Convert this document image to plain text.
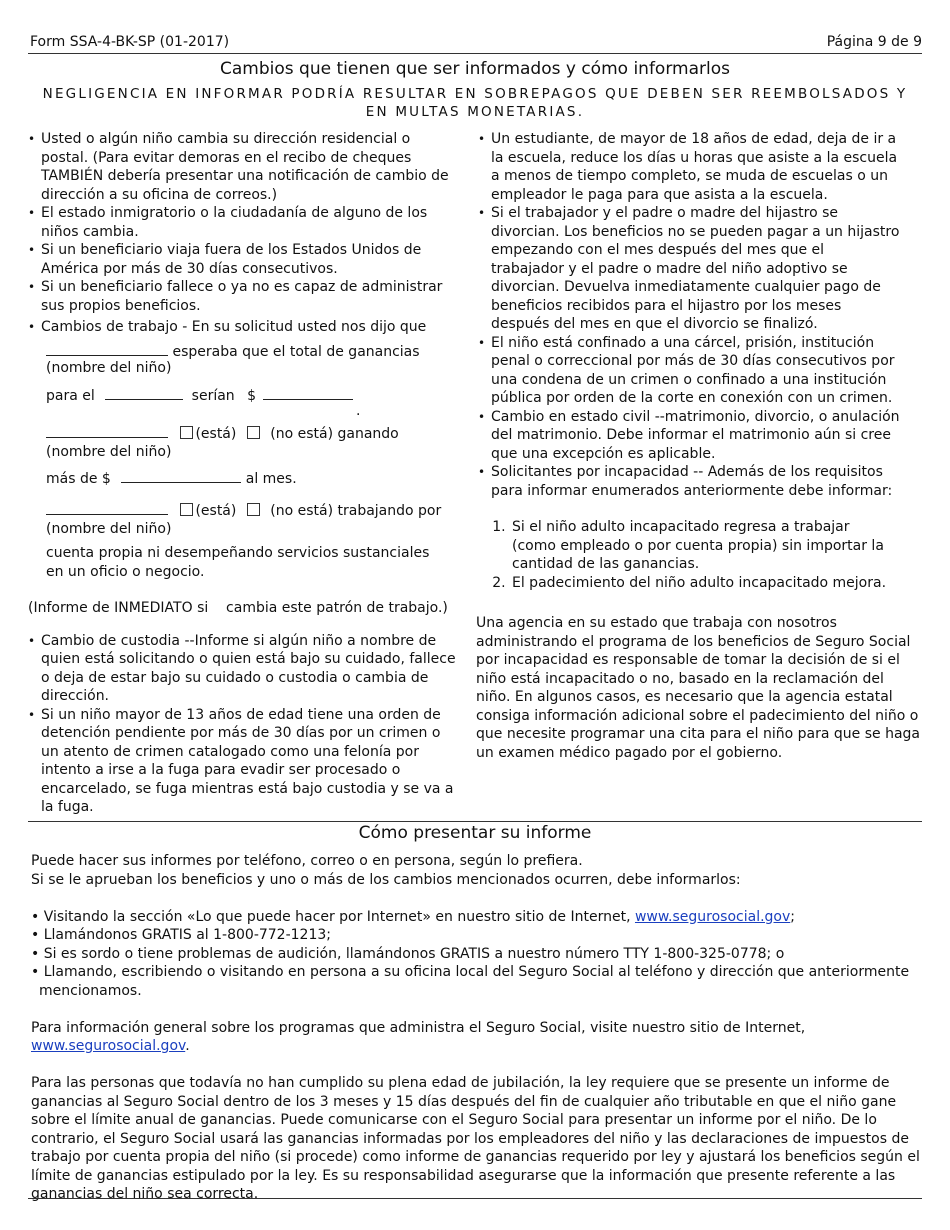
Form SSA-4-BK-SP (01-2017)	Página 9 de 9
Cambios que tienen que ser informados y cómo informarlos
NEGLIGENCIA EN INFORMAR PODRÍA RESULTAR EN SOBREPAGOS QUE DEBEN SER REEMBOLSADOS Y
EN MULTAS MONETARIAS.
• Usted o algún niño cambia su dirección residencial o postal. (Para evitar demoras en el recibo de cheques TAMBIÉN debería presentar una notificación de cambio de dirección a su oficina de correos.)
• El estado inmigratorio o la ciudadanía de alguno de los niños cambia.
• Si un beneficiario viaja fuera de los Estados Unidos de América por más de 30 días consecutivos.
• Si un beneficiario fallece o ya no es capaz de administrar sus propios beneficios.
• Cambios de trabajo - En su solicitud usted nos dijo que
esperaba que el total de ganancias
(nombre del niño)
para el	serían $
.
(está) (no está) ganando
(nombre del niño)
más de $	al mes.
(está) (no está) trabajando por
(nombre del niño)
cuenta propia ni desempeñando servicios sustanciales
en un oficio o negocio.
(Informe de INMEDIATO si    cambia este patrón de trabajo.)
• Cambio de custodia --Informe si algún niño a nombre de quien está solicitando o quien está bajo su cuidado, fallece o deja de estar bajo su cuidado o custodia o cambia de dirección.
• Si un niño mayor de 13 años de edad tiene una orden de detención pendiente por más de 30 días por un crimen o un atento de crimen catalogado como una felonía por intento a irse a la fuga para evadir ser procesado o encarcelado, se fuga mientras está bajo custodia y se va a la fuga.
• Un estudiante, de mayor de 18 años de edad, deja de ir a la escuela, reduce los días u horas que asiste a la escuela a menos de tiempo completo, se muda de escuelas o un empleador le paga para que asista a la escuela.
• Si el trabajador y el padre o madre del hijastro se divorcian. Los beneficios no se pueden pagar a un hijastro empezando con el mes después del mes que el trabajador y el padre o madre del niño adoptivo se divorcian. Devuelva inmediatamente cualquier pago de beneficios recibidos para el hijastro por los meses después del mes en que el divorcio se finalizó.
• El niño está confinado a una cárcel, prisión, institución penal o correccional por más de 30 días consecutivos por una condena de un crimen o confinado a una institución pública por orden de la corte en conexión con un crimen.
• Cambio en estado civil --matrimonio, divorcio, o anulación del matrimonio. Debe informar el matrimonio aún si cree que una excepción es aplicable.
• Solicitantes por incapacidad -- Además de los requisitos para informar enumerados anteriormente debe informar:
1. Si el niño adulto incapacitado regresa a trabajar (como empleado o por cuenta propia) sin importar la cantidad de las ganancias.
2. El padecimiento del niño adulto incapacitado mejora.

Una agencia en su estado que trabaja con nosotros administrando el programa de los beneficios de Seguro Social por incapacidad es responsable de tomar la decisión de si el niño está incapacitado o no, basado en la reclamación del niño. En algunos casos, es necesario que la agencia estatal consiga información adicional sobre el padecimiento del niño o que necesite programar una cita para el niño para que se haga un examen médico pagado por el gobierno.

Cómo presentar su informe
Puede hacer sus informes por teléfono, correo o en persona, según lo prefiera.
Si se le aprueban los beneficios y uno o más de los cambios mencionados ocurren, debe informarlos:
• Visitando la sección «Lo que puede hacer por Internet» en nuestro sitio de Internet, www.segurosocial.gov;
• Llamándonos GRATIS al 1-800-772-1213;
• Si es sordo o tiene problemas de audición, llamándonos GRATIS a nuestro número TTY 1-800-325-0778; o
• Llamando, escribiendo o visitando en persona a su oficina local del Seguro Social al teléfono y dirección que anteriormente
mencionamos.
Para información general sobre los programas que administra el Seguro Social, visite nuestro sitio de Internet,
www.segurosocial.gov.

Para las personas que todavía no han cumplido su plena edad de jubilación, la ley requiere que se presente un informe de ganancias al Seguro Social dentro de los 3 meses y 15 días después del fin de cualquier año tributable en que el niño gane sobre el límite anual de ganancias. Puede comunicarse con el Seguro Social para presentar un informe por el niño. De lo contrario, el Seguro Social usará las ganancias informadas por los empleadores del niño y las declaraciones de impuestos de trabajo por cuenta propia del niño (si procede) como informe de ganancias requerido por ley y ajustará los beneficios según el límite de ganancias estipulado por la ley. Es su responsabilidad asegurarse que la información que presente referente a las ganancias del niño sea correcta.
